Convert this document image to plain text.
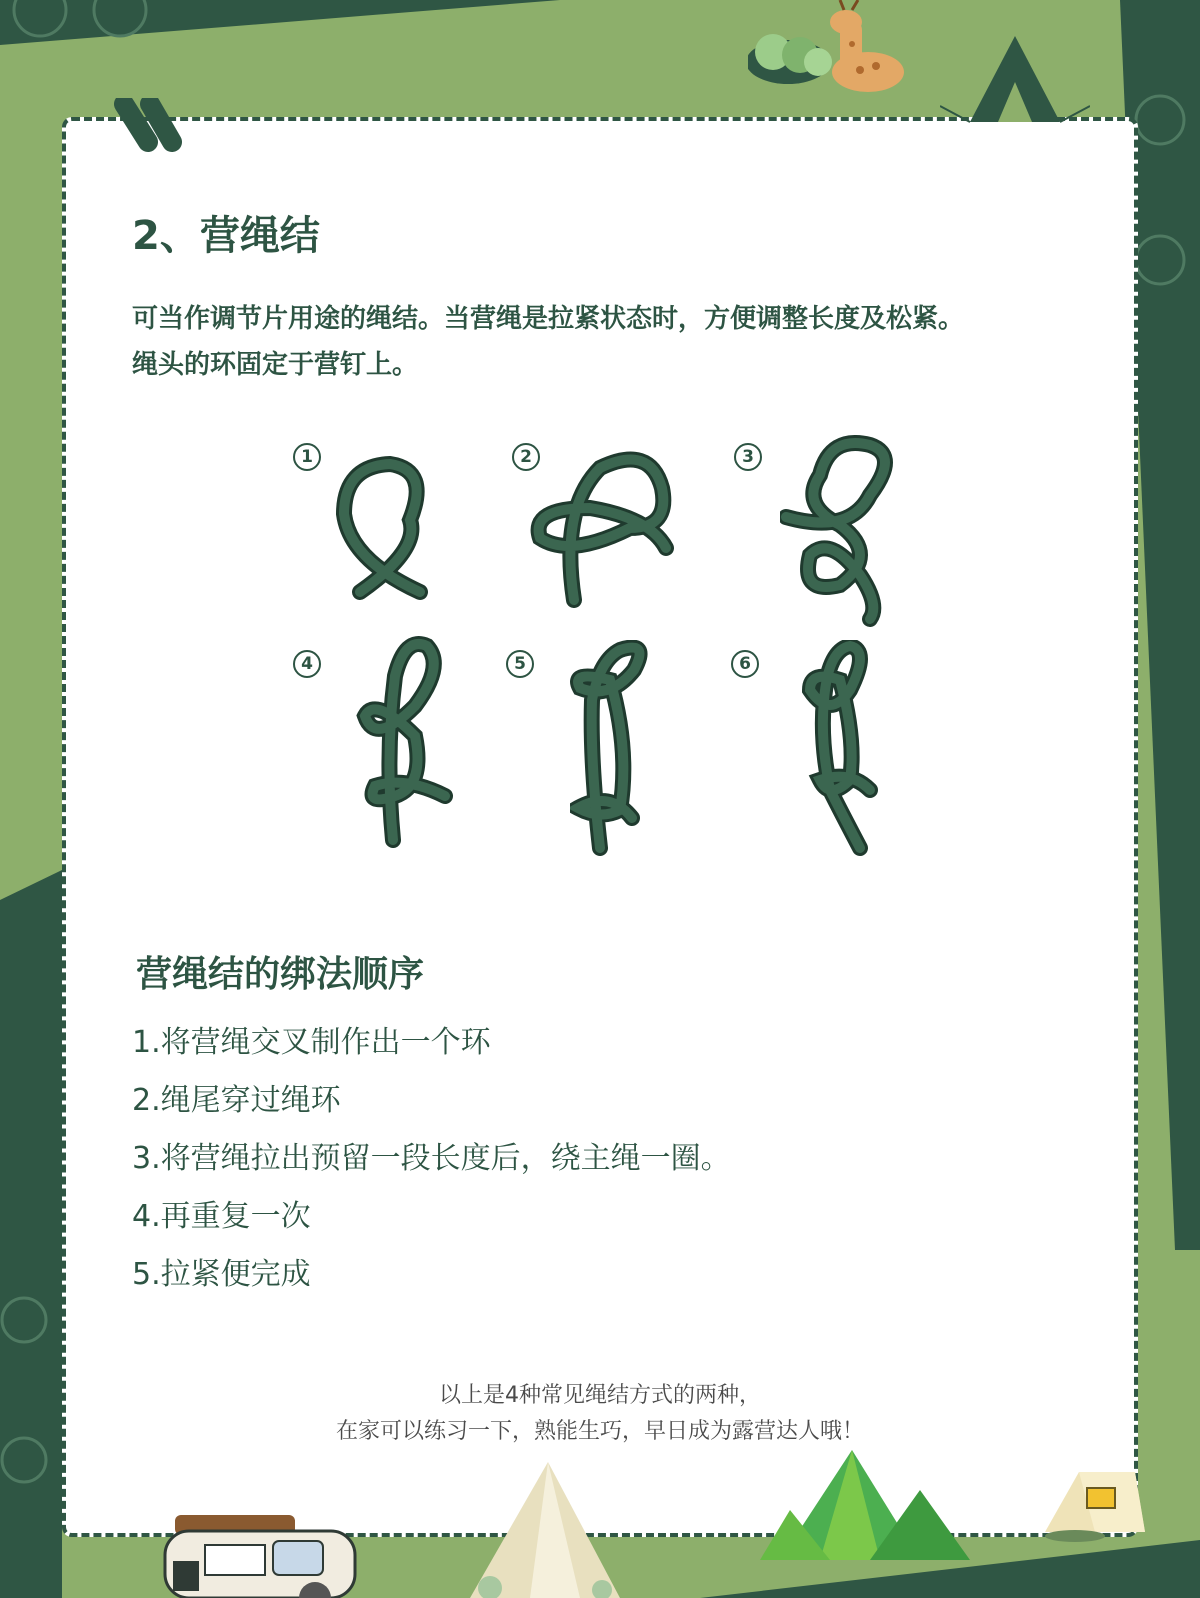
2、营绳结
可当作调节片用途的绳结。当营绳是拉紧状态时，方便调整长度及松紧。
绳头的环固定于营钉上。
1	2	3
4	5	6
营绳结的绑法顺序
1.将营绳交叉制作出一个环
2.绳尾穿过绳环
3.将营绳拉出预留一段长度后，绕主绳一圈。
4.再重复一次
5.拉紧便完成

以上是4种常见绳结方式的两种，

在家可以练习一下，熟能生巧，早日成为露营达人哦！
